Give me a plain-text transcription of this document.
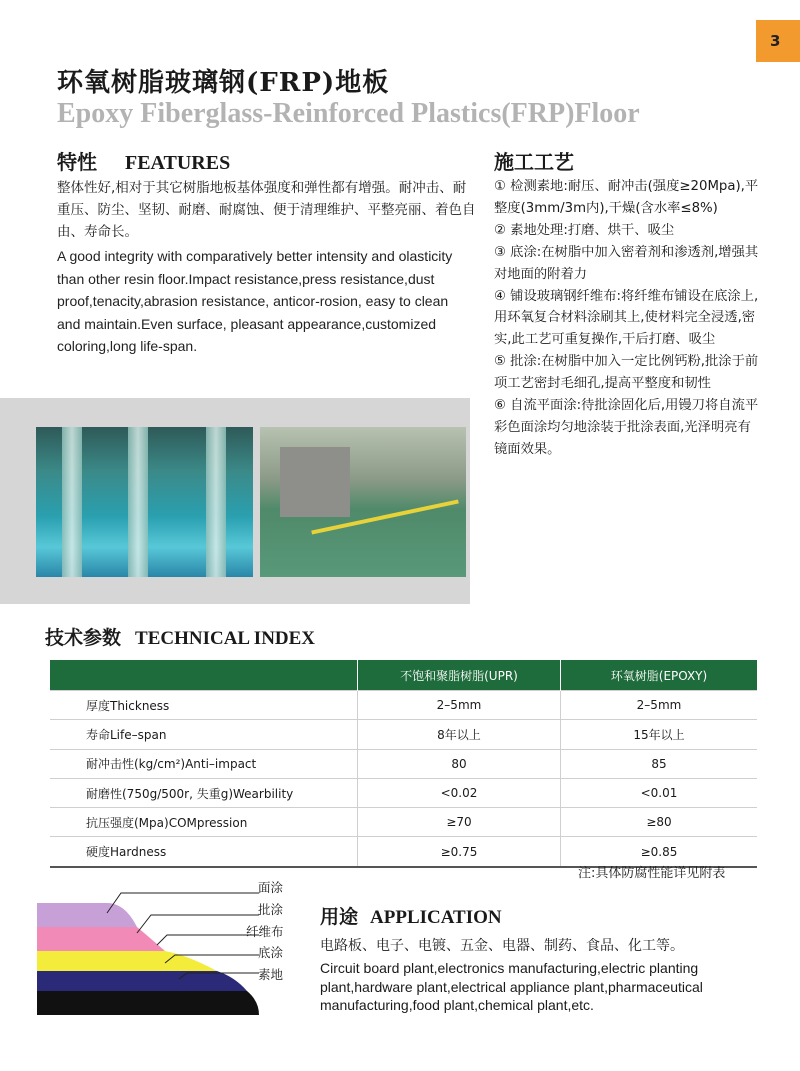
3
环氧树脂玻璃钢(FRP)地板
Epoxy Fiberglass-Reinforced Plastics(FRP)Floor
特性 FEATURES
整体性好,相对于其它树脂地板基体强度和弹性都有增强。耐冲击、耐重压、防尘、坚韧、耐磨、耐腐蚀、便于清理维护、平整亮丽、着色自由、寿命长。
A good integrity with comparatively better intensity and olasticity than other resin floor.Impact resistance,press resistance,dust proof,tenacity,abrasion resistance, anticor-rosion, easy to clean and maintain.Even surface, pleasant appearance,customized coloring,long life-span.
施工工艺

① 检测素地:耐压、耐冲击(强度≥20Mpa),平整度(3mm/3m内),干燥(含水率≤8%)

② 素地处理:打磨、烘干、吸尘

③ 底涂:在树脂中加入密着剂和渗透剂,增强其对地面的附着力

④ 铺设玻璃钢纤维布:将纤维布铺设在底涂上,用环氧复合材料涂刷其上,使材料完全浸透,密实,此工艺可重复操作,干后打磨、吸尘

⑤ 批涂:在树脂中加入一定比例钙粉,批涂于前项工艺密封毛细孔,提高平整度和韧性

⑥ 自流平面涂:待批涂固化后,用镘刀将自流平彩色面涂均匀地涂装于批涂表面,光泽明亮有镜面效果。

技术参数 TECHNICAL INDEX
	不饱和聚脂树脂(UPR)	环氧树脂(EPOXY)
厚度Thickness	2–5mm	2–5mm
寿命Life–span	8年以上	15年以上
耐冲击性(kg/cm²)Anti–impact	80	85
耐磨性(750g/500r, 失重g)Wearbility	<0.02	<0.01
抗压强度(Mpa)COMpression	≥70	≥80
硬度Hardness	≥0.75	≥0.85
注:具体防腐性能详见附表
面涂
批涂
纤维布
底涂
素地
用途 APPLICATION
电路板、电子、电镀、五金、电器、制药、食品、化工等。
Circuit board plant,electronics manufacturing,electric planting plant,hardware plant,electrical appliance plant,pharmaceutical manufacturing,food plant,chemical plant,etc.
